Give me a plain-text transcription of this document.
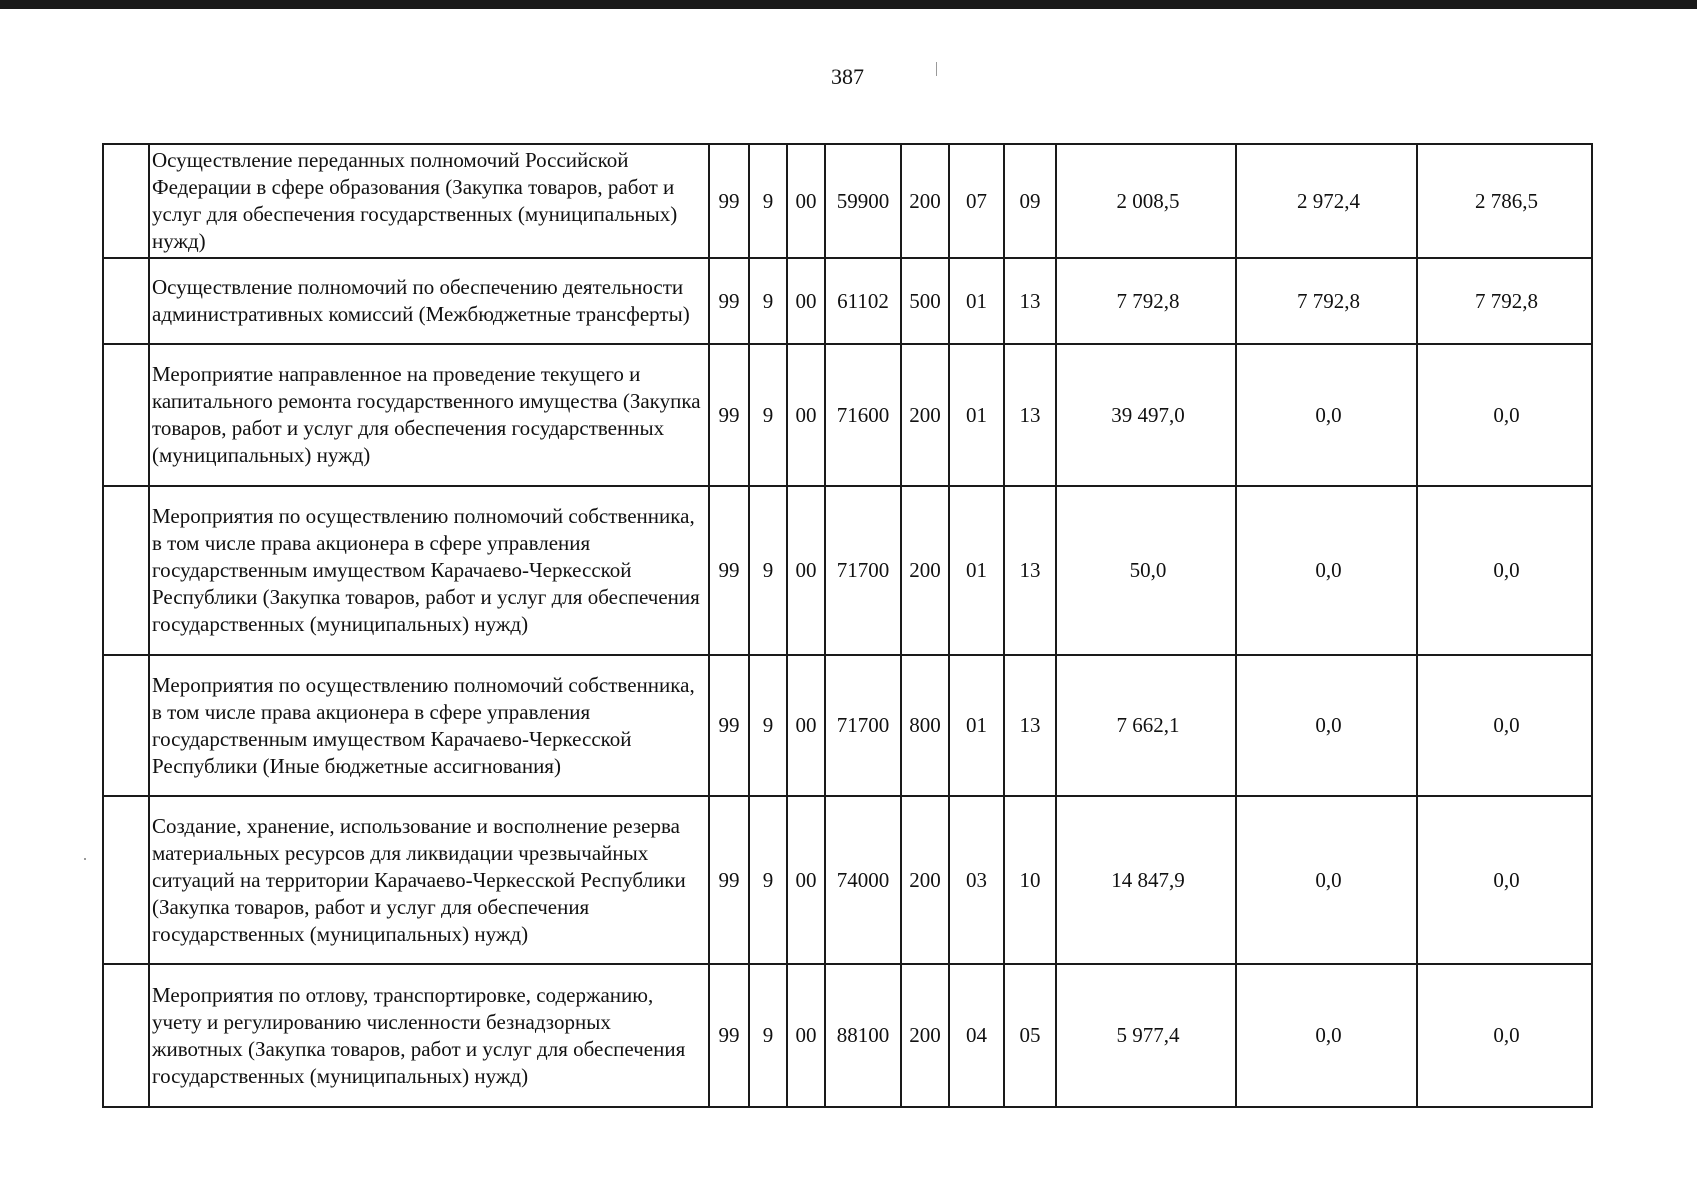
387
	Осуществление переданных полномочий Российской Федерации в сфере образования (Закупка товаров, работ и услуг для обеспечения государственных (муниципальных) нужд)	99	9	00	59900	200	07	09	2 008,5	2 972,4	2 786,5
	Осуществление полномочий по обеспечению деятельности административных комиссий (Межбюджетные трансферты)	99	9	00	61102	500	01	13	7 792,8	7 792,8	7 792,8
	Мероприятие направленное на проведение текущего и капитального ремонта государственного имущества (Закупка товаров, работ и услуг для обеспечения государственных (муниципальных) нужд)	99	9	00	71600	200	01	13	39 497,0	0,0	0,0
	Мероприятия по осуществлению полномочий собственника, в том числе права акционера в сфере управления государственным имуществом Карачаево-Черкесской Республики (Закупка товаров, работ и услуг для обеспечения государственных (муниципальных) нужд)	99	9	00	71700	200	01	13	50,0	0,0	0,0
	Мероприятия по осуществлению полномочий собственника, в том числе права акционера в сфере управления государственным имуществом Карачаево-Черкесской Республики (Иные бюджетные ассигнования)	99	9	00	71700	800	01	13	7 662,1	0,0	0,0
	Создание, хранение, использование и восполнение резерва материальных ресурсов для ликвидации чрезвычайных ситуаций на территории Карачаево-Черкесской Республики (Закупка товаров, работ и услуг для обеспечения государственных (муниципальных) нужд)	99	9	00	74000	200	03	10	14 847,9	0,0	0,0
	Мероприятия по отлову, транспортировке, содержанию, учету и регулированию численности безнадзорных животных (Закупка товаров, работ и услуг для обеспечения государственных (муниципальных) нужд)	99	9	00	88100	200	04	05	5 977,4	0,0	0,0
